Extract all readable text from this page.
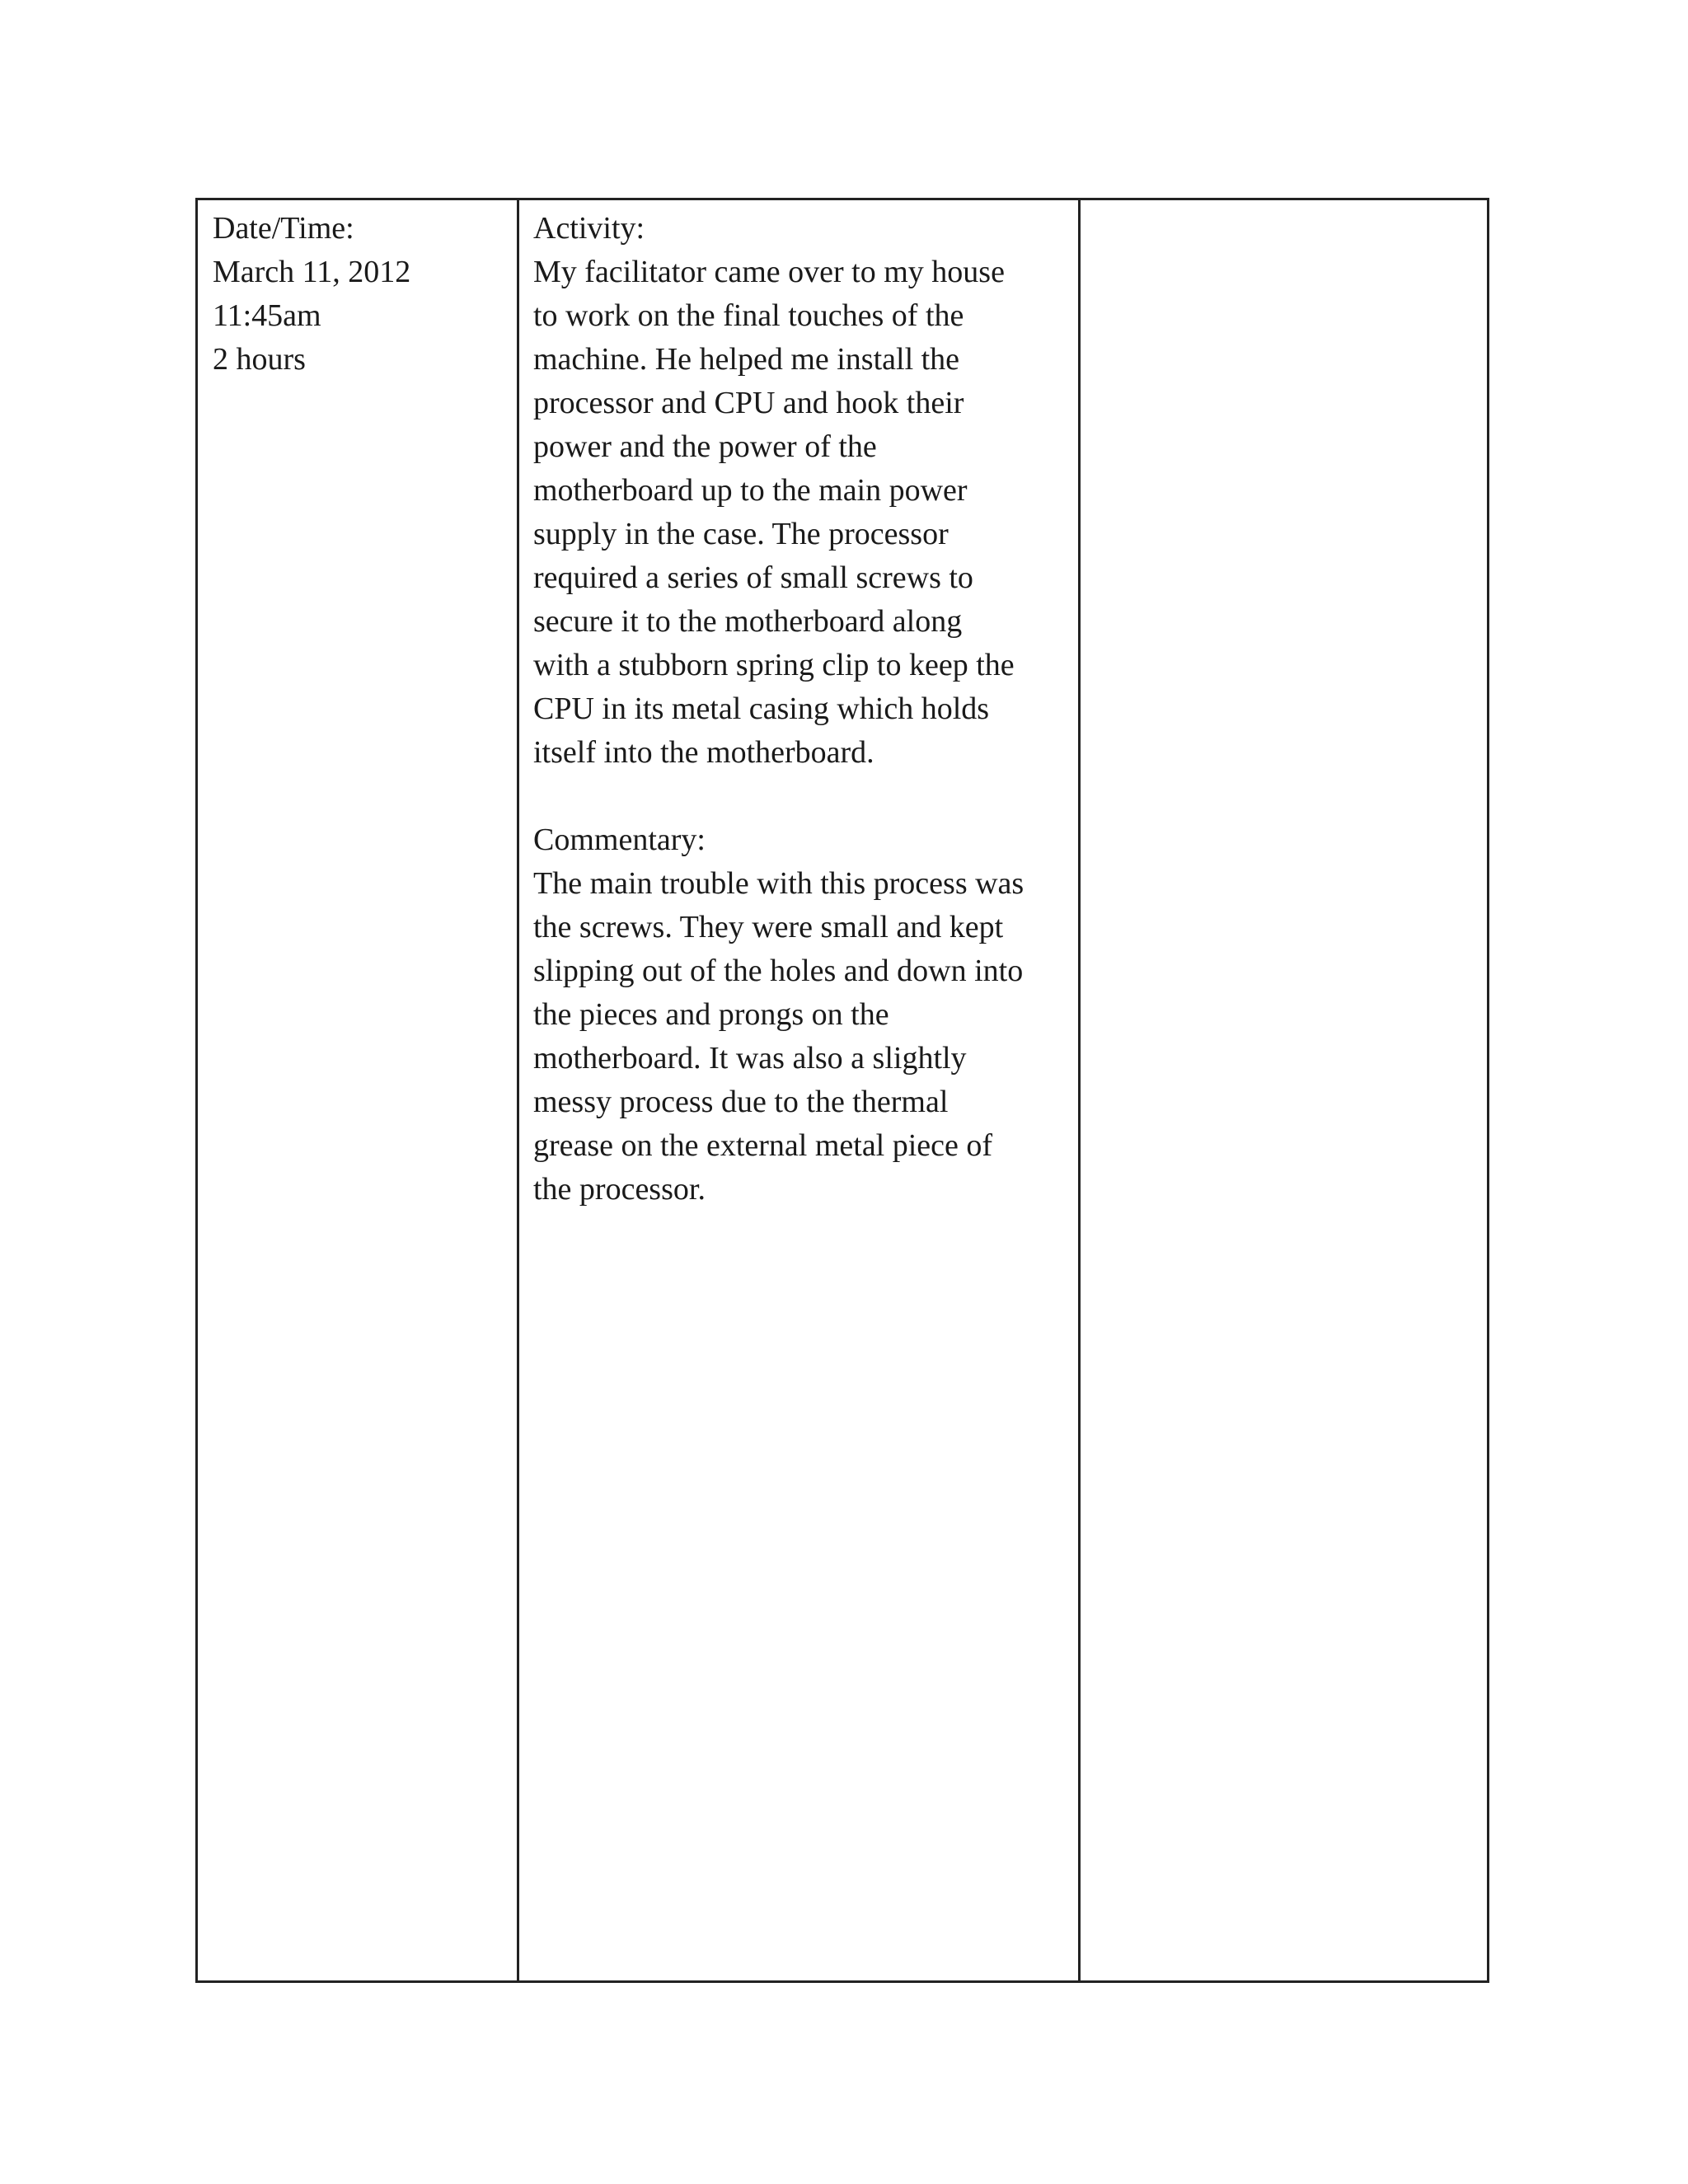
Date/Time:
March 11, 2012
11:45am
2 hours
Activity:
My facilitator came over to my house
to work on the final touches of the
machine. He helped me install the
processor and CPU and hook their
power and the power of the
motherboard up to the main power
supply in the case. The processor
required a series of small screws to
secure it to the motherboard along
with a stubborn spring clip to keep the
CPU in its metal casing which holds
itself into the motherboard.
Commentary:
The main trouble with this process was
the screws. They were small and kept
slipping out of the holes and down into
the pieces and prongs on the
motherboard. It was also a slightly
messy process due to the thermal
grease on the external metal piece of
the processor.
